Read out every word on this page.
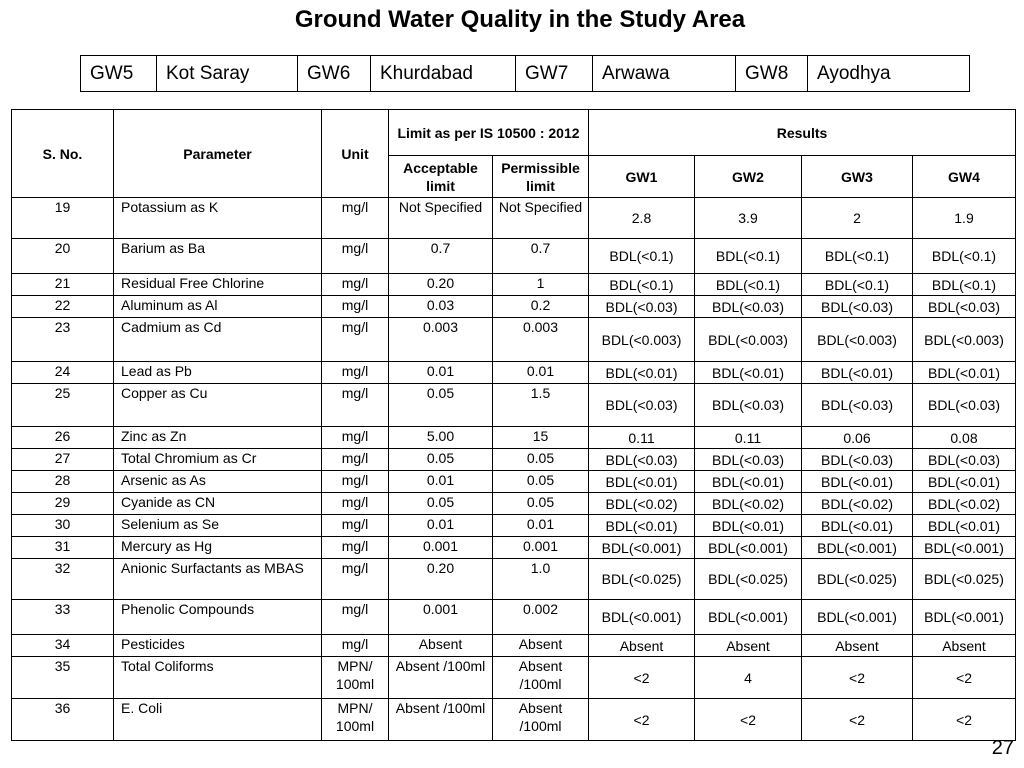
Ground Water Quality in the Study Area
GW5	Kot Saray	GW6	Khurdabad	GW7	Arwawa	GW8	Ayodhya
S. No.	Parameter	Unit	Limit as per IS 10500 : 2012		Results			
			Acceptable limit	Permissible limit	GW1	GW2	GW3	GW4
19	Potassium as K	mg/l	Not Specified	Not Specified	2.8	3.9	2	1.9
20	Barium as Ba	mg/l	0.7	0.7	BDL(<0.1)	BDL(<0.1)	BDL(<0.1)	BDL(<0.1)
21	Residual Free Chlorine	mg/l	0.20	1	BDL(<0.1)	BDL(<0.1)	BDL(<0.1)	BDL(<0.1)
22	Aluminum as Al	mg/l	0.03	0.2	BDL(<0.03)	BDL(<0.03)	BDL(<0.03)	BDL(<0.03)
23	Cadmium as Cd	mg/l	0.003	0.003	BDL(<0.003)	BDL(<0.003)	BDL(<0.003)	BDL(<0.003)
24	Lead as Pb	mg/l	0.01	0.01	BDL(<0.01)	BDL(<0.01)	BDL(<0.01)	BDL(<0.01)
25	Copper as Cu	mg/l	0.05	1.5	BDL(<0.03)	BDL(<0.03)	BDL(<0.03)	BDL(<0.03)
26	Zinc as Zn	mg/l	5.00	15	0.11	0.11	0.06	0.08
27	Total Chromium as Cr	mg/l	0.05	0.05	BDL(<0.03)	BDL(<0.03)	BDL(<0.03)	BDL(<0.03)
28	Arsenic as As	mg/l	0.01	0.05	BDL(<0.01)	BDL(<0.01)	BDL(<0.01)	BDL(<0.01)
29	Cyanide as CN	mg/l	0.05	0.05	BDL(<0.02)	BDL(<0.02)	BDL(<0.02)	BDL(<0.02)
30	Selenium as Se	mg/l	0.01	0.01	BDL(<0.01)	BDL(<0.01)	BDL(<0.01)	BDL(<0.01)
31	Mercury as Hg	mg/l	0.001	0.001	BDL(<0.001)	BDL(<0.001)	BDL(<0.001)	BDL(<0.001)
32	Anionic Surfactants as MBAS	mg/l	0.20	1.0	BDL(<0.025)	BDL(<0.025)	BDL(<0.025)	BDL(<0.025)
33	Phenolic Compounds	mg/l	0.001	0.002	BDL(<0.001)	BDL(<0.001)	BDL(<0.001)	BDL(<0.001)
34	Pesticides	mg/l	Absent	Absent	Absent	Absent	Absent	Absent
35	Total Coliforms	MPN/ 100ml	Absent /100ml	Absent /100ml	<2	4	<2	<2
36	E. Coli	MPN/ 100ml	Absent /100ml	Absent /100ml	<2	<2	<2	<2
27
